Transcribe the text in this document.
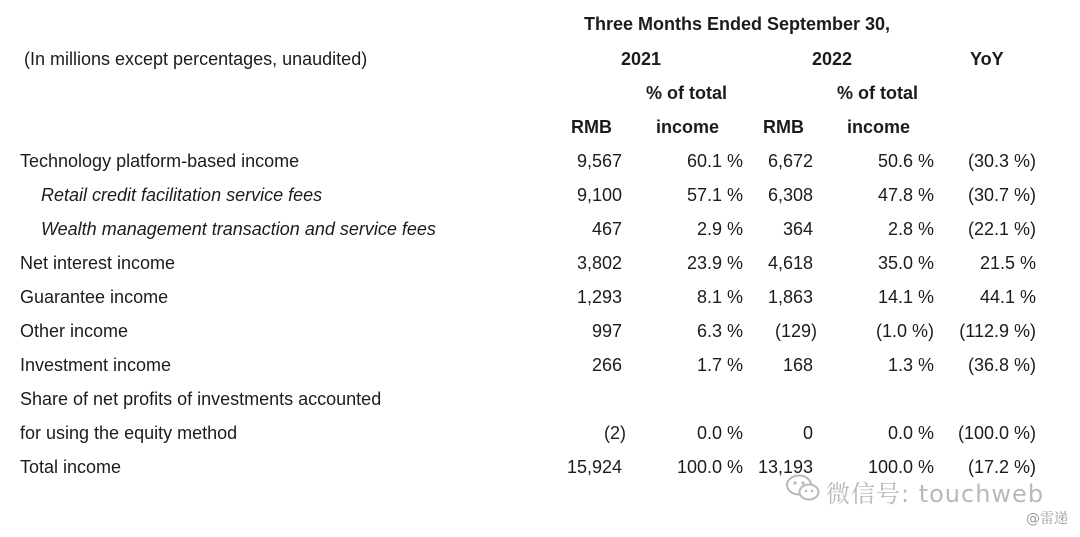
Three Months Ended September 30,
(In millions except percentages, unaudited)	2021	2022	YoY
% of total	% of total
RMB income RMB income
Technology platform-based income	9,567	60.1 % 6,672	50.6 % (30.3 %)
Retail credit facilitation service fees	9,100	57.1 % 6,308	47.8 % (30.7 %)
Wealth management transaction and service fees	467	2.9 % 364	2.8 % (22.1 %)
Net interest income	3,802	23.9 % 4,618	35.0 %	21.5 %
Guarantee income	1,293	8.1 % 1,863	14.1 %	44.1 %
Other income	997	6.3 % (129)	(1.0 %) (112.9 %)
Investment income	266	1.7 % 168	1.3 % (36.8 %)
Share of net profits of investments accounted
for using the equity method	(2)	0.0 %	0	0.0 % (100.0 %)
Total income	15,924	100.0 % 13,193	100.0 % (17.2 %)
微信号: touchweb
@雷递
